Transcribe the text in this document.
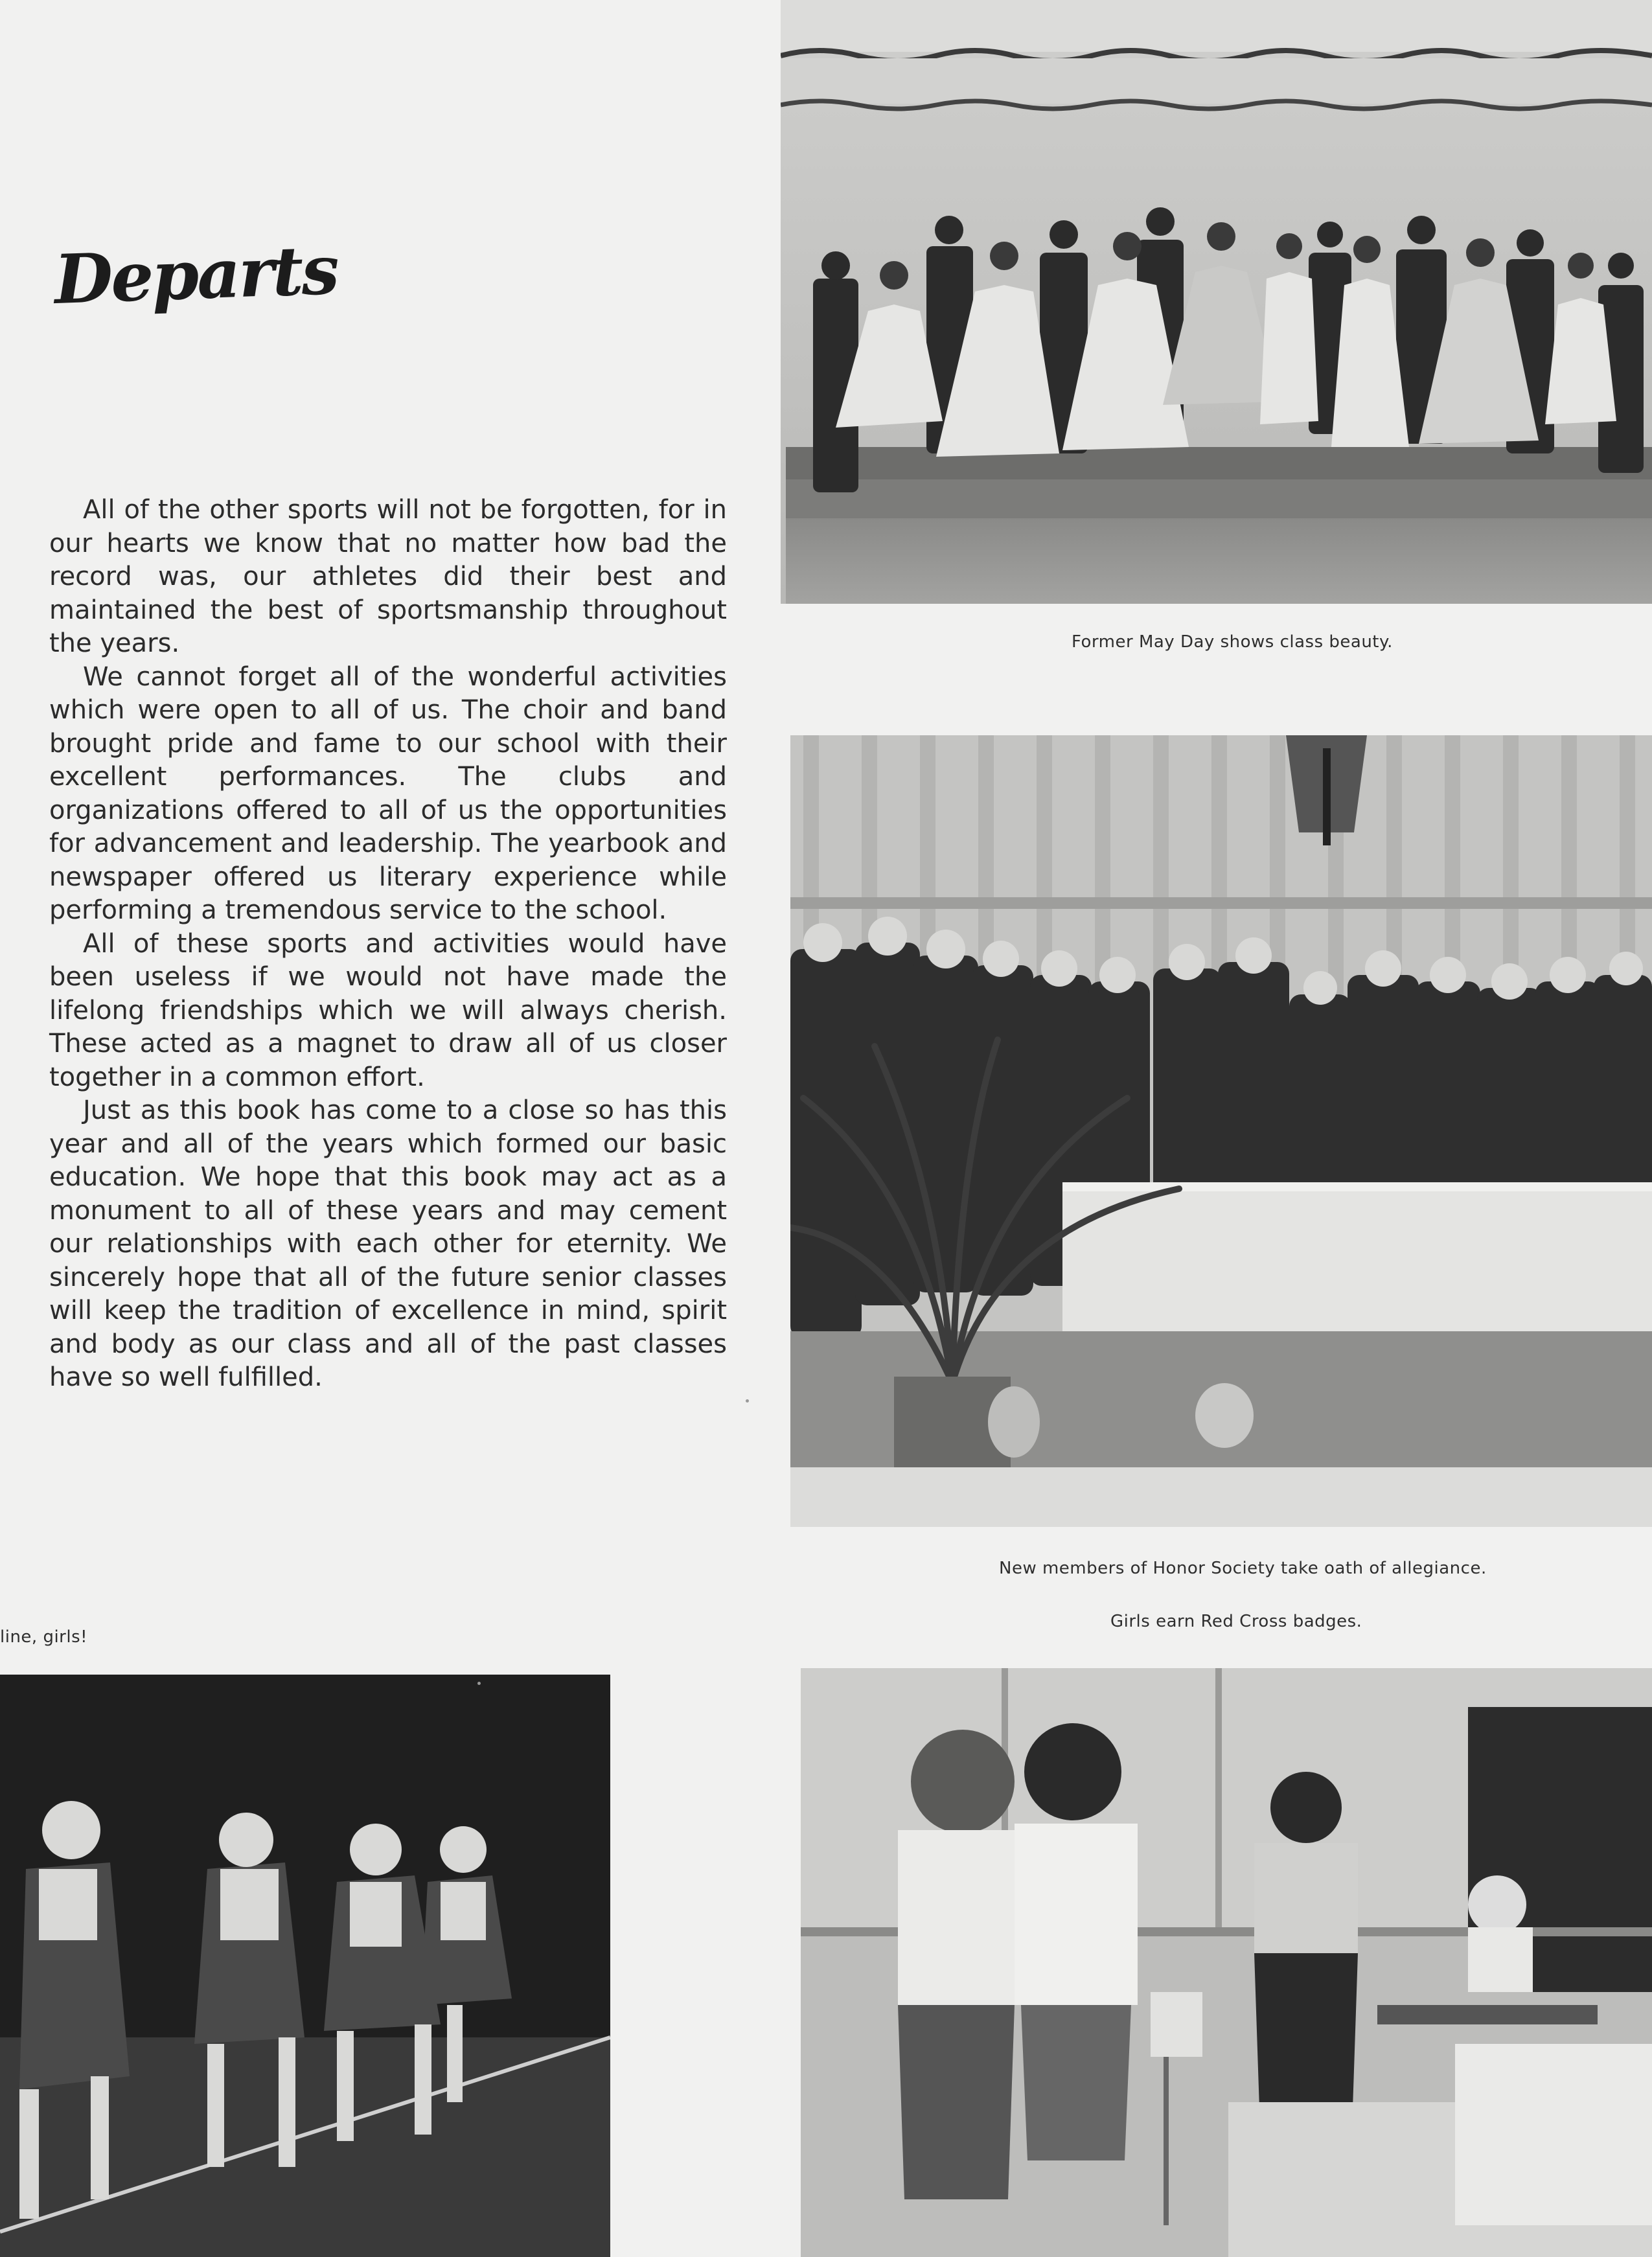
Departs

All of the other sports will not be forgotten, for in our hearts we know that no matter how bad the record was, our athletes did their best and maintained the best of sportsmanship throughout the years.

We cannot forget all of the wonderful activities which were open to all of us. The choir and band brought pride and fame to our school with their excellent performances. The clubs and organizations offered to all of us the opportunities for advancement and leadership. The yearbook and newspaper offered us literary experience while performing a tremendous service to the school.

All of these sports and activities would have been useless if we would not have made the lifelong friendships which we will always cherish. These acted as a magnet to draw all of us closer together in a common effort.

Just as this book has come to a close so has this year and all of the years which formed our basic education. We hope that this book may act as a monument to all of these years and may cement our relationships with each other for eternity. We sincerely hope that all of the future senior classes will keep the tradition of excellence in mind, spirit and body as our class and all of the past classes have so well fulfilled.

Former May Day shows class beauty.
New members of Honor Society take oath of allegiance.
Girls earn Red Cross badges.
line, girls!
